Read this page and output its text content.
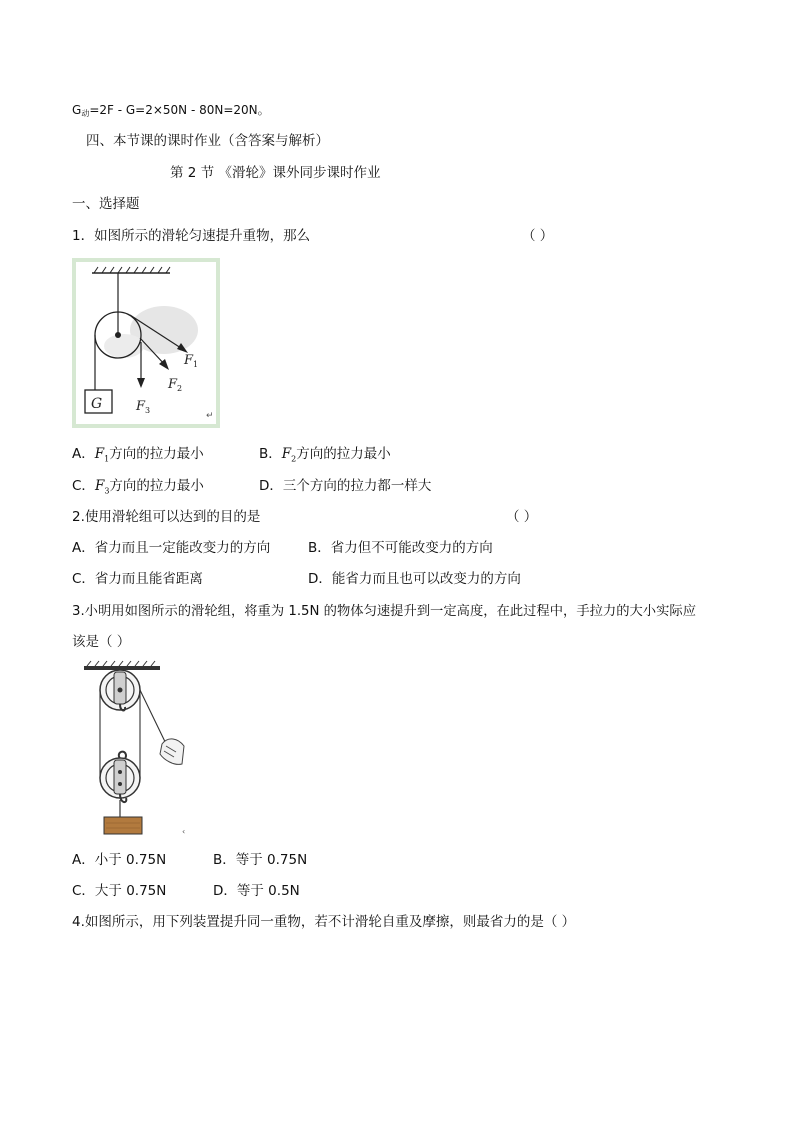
$G_动=2F - G=2\times 50N - 80N=20N$。
四、本节课的课时作业（含答案与解析）
第 2 节 《滑轮》课外同步课时作业
一、选择题
1．如图所示的滑轮匀速提升重物，那么	（ ）
G
$F_1$
$F_2$
$F_3$
↵
A．$F_1$方向的拉力最小	B．$F_2$方向的拉力最小
C．$F_3$方向的拉力最小	D．三个方向的拉力都一样大
2.使用滑轮组可以达到的目的是	（ ）
A．省力而且一定能改变力的方向	B．省力但不可能改变力的方向
C．省力而且能省距离	D．能省力而且也可以改变力的方向
3.小明用如图所示的滑轮组，将重为 1.5N 的物体匀速提升到一定高度，在此过程中，手拉力的大小实际应
该是（ ）
‹
A．小于 0.75N	B．等于 0.75N
C．大于 0.75N	D．等于 0.5N
4.如图所示，用下列装置提升同一重物，若不计滑轮自重及摩擦，则最省力的是（ ）
